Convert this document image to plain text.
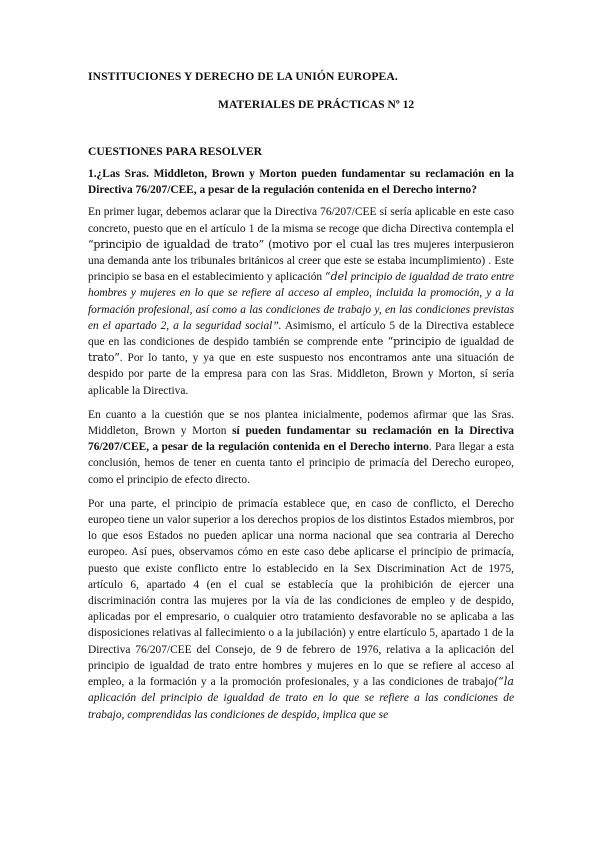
INSTITUCIONES Y DERECHO DE LA UNIÓN EUROPEA.
MATERIALES DE PRÁCTICAS Nº 12
CUESTIONES PARA RESOLVER

1.¿Las Sras. Middleton, Brown y Morton pueden fundamentar su reclamación en la Directiva 76/207/CEE, a pesar de la regulación contenida en el Derecho interno?

En primer lugar, debemos aclarar que la Directiva 76/207/CEE sí sería aplicable en este caso concreto, puesto que en el artículo 1 de la misma se recoge que dicha Directiva contempla el “principio de igualdad de trato” (motivo por el cual las tres mujeres interpusieron una demanda ante los tribunales británicos al creer que este se estaba incumplimiento) . Este principio se basa en el establecimiento y aplicación “del principio de igualdad de trato entre hombres y mujeres en lo que se refiere al acceso al empleo, incluida la promoción, y a la formación profesional, así como a las condiciones de trabajo y, en las condiciones previstas en el apartado 2, a la seguridad social”. Asimismo, el artículo 5 de la Directiva establece que en las condiciones de despido también se comprende ente “principio de igualdad de trato”. Por lo tanto, y ya que en este suspuesto nos encontramos ante una situación de despido por parte de la empresa para con las Sras. Middleton, Brown y Morton, sí sería aplicable la Directiva.

En cuanto a la cuestión que se nos plantea inicialmente, podemos afirmar que las Sras. Middleton, Brown y Morton sí pueden fundamentar su reclamación en la Directiva 76/207/CEE, a pesar de la regulación contenida en el Derecho interno. Para llegar a esta conclusión, hemos de tener en cuenta tanto el principio de primacía del Derecho europeo, como el principio de efecto directo.

Por una parte, el principio de primacía establece que, en caso de conflicto, el Derecho europeo tiene un valor superior a los derechos propios de los distintos Estados miembros, por lo que esos Estados no pueden aplicar una norma nacional que sea contraria al Derecho europeo. Así pues, observamos cómo en este caso debe aplicarse el principio de primacía, puesto que existe conflicto entre lo establecido en la Sex Discrimination Act de 1975, artículo 6, apartado 4 (en el cual se establecía que la prohibición de ejercer una discriminación contra las mujeres por la vía de las condiciones de empleo y de despido, aplicadas por el empresario, o cualquier otro tratamiento desfavorable no se aplicaba a las disposiciones relativas al fallecimiento o a la jubilación) y entre elartículo 5, apartado 1 de la Directiva 76/207/CEE del Consejo, de 9 de febrero de 1976, relativa a la aplicación del principio de igualdad de trato entre hombres y mujeres en lo que se refiere al acceso al empleo, a la formación y a la promoción profesionales, y a las condiciones de trabajo(“la aplicación del principio de igualdad de trato en lo que se refiere a las condiciones de trabajo, comprendidas las condiciones de despido, implica que se
